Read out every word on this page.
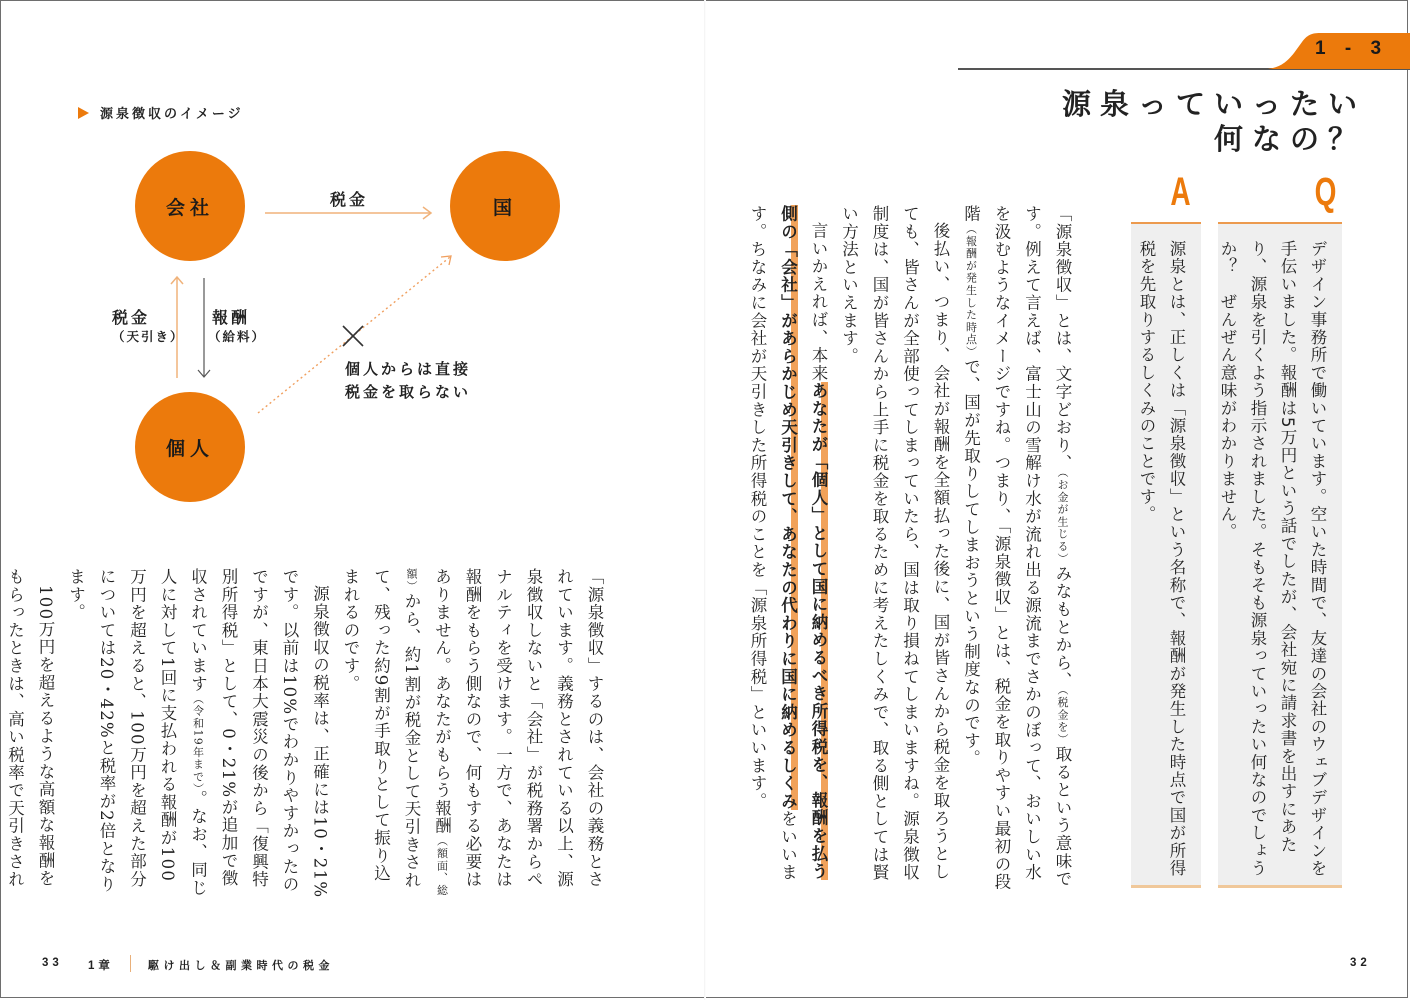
1 - 3
源泉っていったい
何なの？
Q
デザイン事務所で働いています。空いた時間で、友達の会社のウェブデザインを手伝いました。報酬は5万円という話でしたが、会社宛に請求書を出すにあたり、源泉を引くよう指示されました。そもそも源泉っていったい何なのでしょうか？　ぜんぜん意味がわかりません。
A
源泉とは、正しくは「源泉徴収」という名称で、報酬が発生した時点で国が所得税を先取りするしくみのことです。

「源泉徴収」とは、文字どおり、（お金が生じる）みなもとから、（税金を）取るという意味です。例えて言えば、富士山の雪解け水が流れ出る源流までさかのぼって、おいしい水を汲むようなイメージですね。つまり、「源泉徴収」とは、税金を取りやすい最初の段階（報酬が発生した時点）で、国が先取りしてしまおうという制度なのです。

後払い、つまり、会社が報酬を全額払った後に、国が皆さんから税金を取ろうとしても、皆さんが全部使ってしまっていたら、国は取り損ねてしまいますね。源泉徴収制度は、国が皆さんから上手に税金を取るために考えたしくみで、取る側としては賢い方法といえます。

言いかえれば、本来あなたが「個人」として国に納めるべき所得税を、報酬を払う側の「会社」があらかじめ天引きして、あなたの代わりに国に納めるしくみをいいます。ちなみに会社が天引きした所得税のことを「源泉所得税」といいます。

源泉徴収のイメージ
会社	国
個人
税金
税金
（天引き）
報酬
（給料）
個人からは直接
税金を取らない

「源泉徴収」するのは、会社の義務とされています。義務とされている以上、源泉徴収しないと「会社」が税務署からペナルティを受けます。一方で、あなたは報酬をもらう側なので、何もする必要はありません。あなたがもらう報酬（額面、総額）から、約1割が税金として天引きされて、残った約9割が手取りとして振り込まれるのです。

源泉徴収の税率は、正確には10・21%です。以前は10%でわかりやすかったのですが、東日本大震災の後から「復興特別所得税」として、0・21%が追加で徴収されています（令和19年まで）。なお、同じ人に対して1回に支払われる報酬が100万円を超えると、100万円を超えた部分については20・42%と税率が2倍となります。

100万円を超えるような高額な報酬をもらったときは、高い税率で天引きされ

33 1章	駆け出し＆副業時代の税金	32
